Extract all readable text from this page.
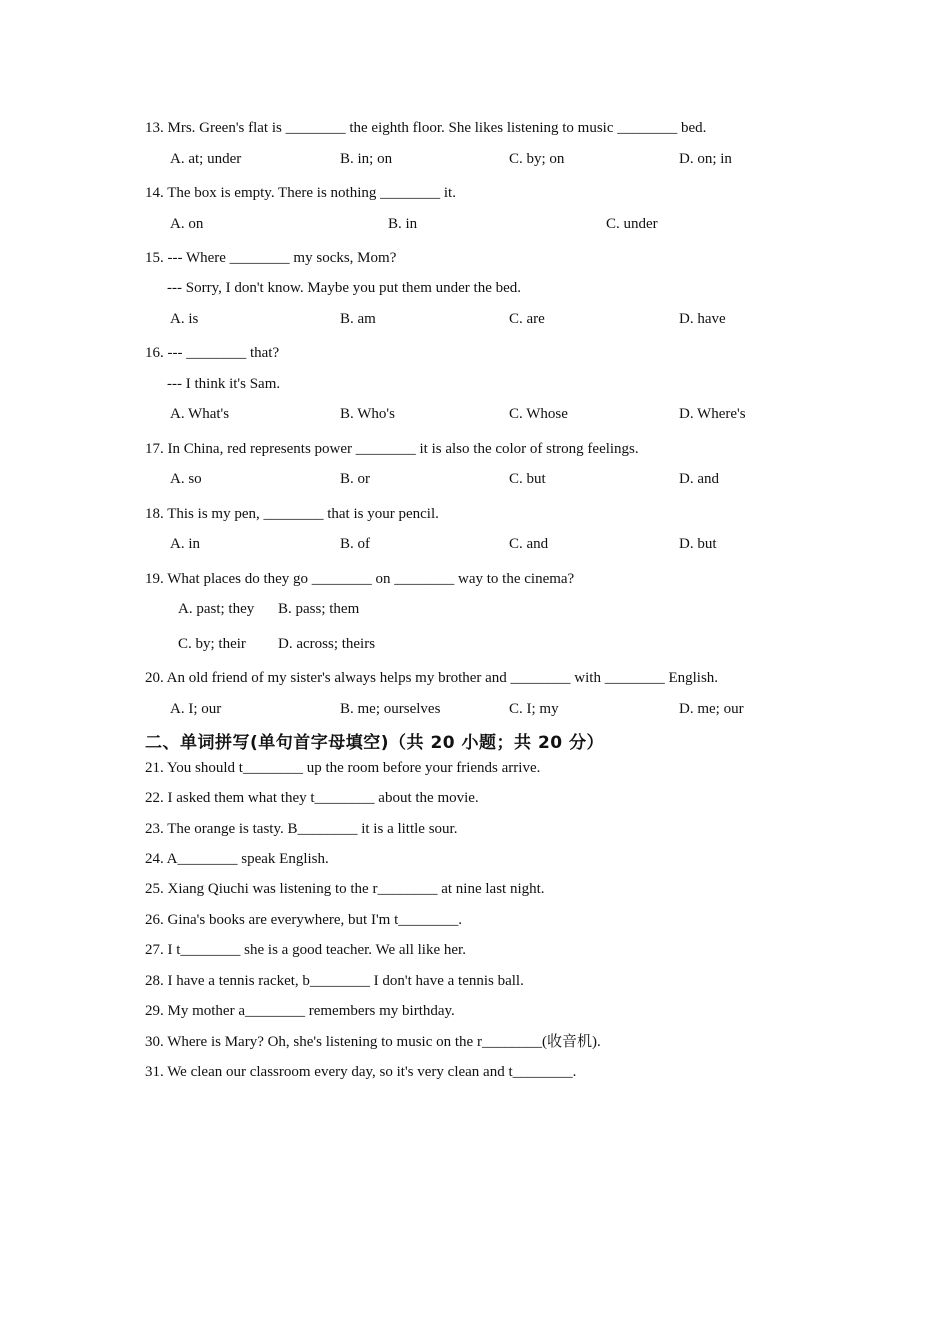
13. Mrs. Green's flat is ________ the eighth floor. She likes listening to music ________ bed.
A. at; under	B. in; on	C. by; on	D. on; in
14. The box is empty. There is nothing ________ it.
A. on	B. in	C. under
15. --- Where ________ my socks, Mom?
--- Sorry, I don't know. Maybe you put them under the bed.
A. is	B. am	C. are	D. have
16. --- ________ that?
--- I think it's Sam.
A. What's	B. Who's	C. Whose	D. Where's
17. In China, red represents power ________ it is also the color of strong feelings.
A. so	B. or	C. but	D. and
18. This is my pen, ________ that is your pencil.
A. in	B. of	C. and	D. but
19. What places do they go ________ on ________ way to the cinema?
A. past; they B. pass; them
C. by; their D. across; theirs
20. An old friend of my sister's always helps my brother and ________ with ________ English.
A. I; our	B. me; ourselves	C. I; my	D. me; our
二、单词拼写(单句首字母填空)（共 20 小题；共 20 分）
21. You should t________ up the room before your friends arrive.
22. I asked them what they t________ about the movie.
23. The orange is tasty. B________ it is a little sour.
24. A________ speak English.
25. Xiang Qiuchi was listening to the r________ at nine last night.
26. Gina's books are everywhere, but I'm t________.
27. I t________ she is a good teacher. We all like her.
28. I have a tennis racket, b________ I don't have a tennis ball.
29. My mother a________ remembers my birthday.
30. Where is Mary? Oh, she's listening to music on the r________(收音机).
31. We clean our classroom every day, so it's very clean and t________.
